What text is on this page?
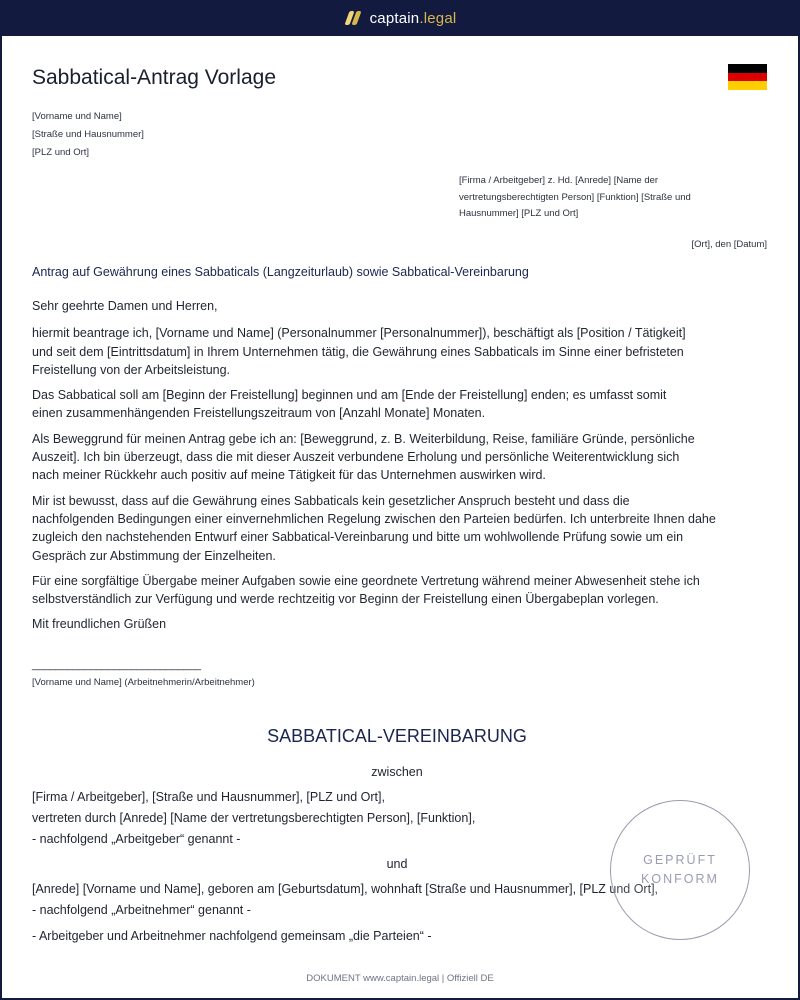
captain.legal
Sabbatical-Antrag Vorlage
[Vorname und Name]
[Straße und Hausnummer]
[PLZ und Ort]
[Firma / Arbeitgeber] z. Hd. [Anrede] [Name der
vertretungsberechtigten Person] [Funktion] [Straße und
Hausnummer] [PLZ und Ort]
[Ort], den [Datum]
Antrag auf Gewährung eines Sabbaticals (Langzeiturlaub) sowie Sabbatical-Vereinbarung

Sehr geehrte Damen und Herren,

hiermit beantrage ich, [Vorname und Name] (Personalnummer [Personalnummer]), beschäftigt als [Position / Tätigkeit]
und seit dem [Eintrittsdatum] in Ihrem Unternehmen tätig, die Gewährung eines Sabbaticals im Sinne einer befristeten
Freistellung von der Arbeitsleistung.

Das Sabbatical soll am [Beginn der Freistellung] beginnen und am [Ende der Freistellung] enden; es umfasst somit
einen zusammenhängenden Freistellungszeitraum von [Anzahl Monate] Monaten.

Als Beweggrund für meinen Antrag gebe ich an: [Beweggrund, z. B. Weiterbildung, Reise, familiäre Gründe, persönliche
Auszeit]. Ich bin überzeugt, dass die mit dieser Auszeit verbundene Erholung und persönliche Weiterentwicklung sich
nach meiner Rückkehr auch positiv auf meine Tätigkeit für das Unternehmen auswirken wird.

Mir ist bewusst, dass auf die Gewährung eines Sabbaticals kein gesetzlicher Anspruch besteht und dass die
nachfolgenden Bedingungen einer einvernehmlichen Regelung zwischen den Parteien bedürfen. Ich unterbreite Ihnen dahe
zugleich den nachstehenden Entwurf einer Sabbatical-Vereinbarung und bitte um wohlwollende Prüfung sowie um ein
Gespräch zur Abstimmung der Einzelheiten.

Für eine sorgfältige Übergabe meiner Aufgaben sowie eine geordnete Vertretung während meiner Abwesenheit stehe ich
selbstverständlich zur Verfügung und werde rechtzeitig vor Beginn der Freistellung einen Übergabeplan vorlegen.

Mit freundlichen Grüßen

_____________________________
[Vorname und Name] (Arbeitnehmerin/Arbeitnehmer)
SABBATICAL-VEREINBARUNG
zwischen
[Firma / Arbeitgeber], [Straße und Hausnummer], [PLZ und Ort],
vertreten durch [Anrede] [Name der vertretungsberechtigten Person], [Funktion],
- nachfolgend „Arbeitgeber“ genannt -
und
[Anrede] [Vorname und Name], geboren am [Geburtsdatum], wohnhaft [Straße und Hausnummer], [PLZ und Ort],
- nachfolgend „Arbeitnehmer“ genannt -
- Arbeitgeber und Arbeitnehmer nachfolgend gemeinsam „die Parteien“ -
GEPRÜFT
KONFORM
DOKUMENT www.captain.legal | Offiziell DE
